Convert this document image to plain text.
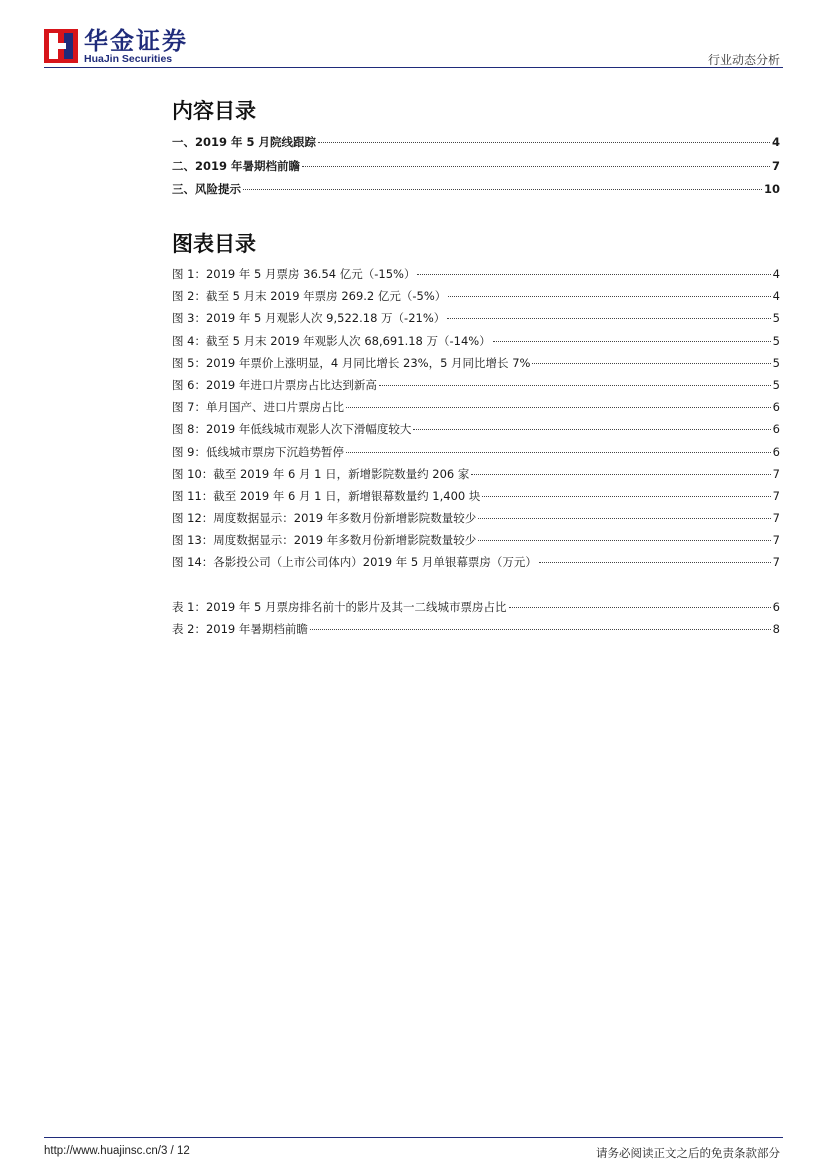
华金证券
HuaJin Securities	行业动态分析
内容目录
一、2019 年 5 月院线跟踪	4
二、2019 年暑期档前瞻	7
三、风险提示	10
图表目录
图 1：2019 年 5 月票房 36.54 亿元（-15%）	4
图 2：截至 5 月末 2019 年票房 269.2 亿元（-5%）	4
图 3：2019 年 5 月观影人次 9,522.18 万（-21%）	5
图 4：截至 5 月末 2019 年观影人次 68,691.18 万（-14%）	5
图 5：2019 年票价上涨明显，4 月同比增长 23%，5 月同比增长 7%	5
图 6：2019 年进口片票房占比达到新高	5
图 7：单月国产、进口片票房占比	6
图 8：2019 年低线城市观影人次下滑幅度较大	6
图 9：低线城市票房下沉趋势暂停	6
图 10：截至 2019 年 6 月 1 日，新增影院数量约 206 家	7
图 11：截至 2019 年 6 月 1 日，新增银幕数量约 1,400 块	7
图 12：周度数据显示：2019 年多数月份新增影院数量较少	7
图 13：周度数据显示：2019 年多数月份新增影院数量较少	7
图 14：各影投公司（上市公司体内）2019 年 5 月单银幕票房（万元）	7
表 1：2019 年 5 月票房排名前十的影片及其一二线城市票房占比	6
表 2：2019 年暑期档前瞻	8
http://www.huajinsc.cn/3 / 12	请务必阅读正文之后的免责条款部分
